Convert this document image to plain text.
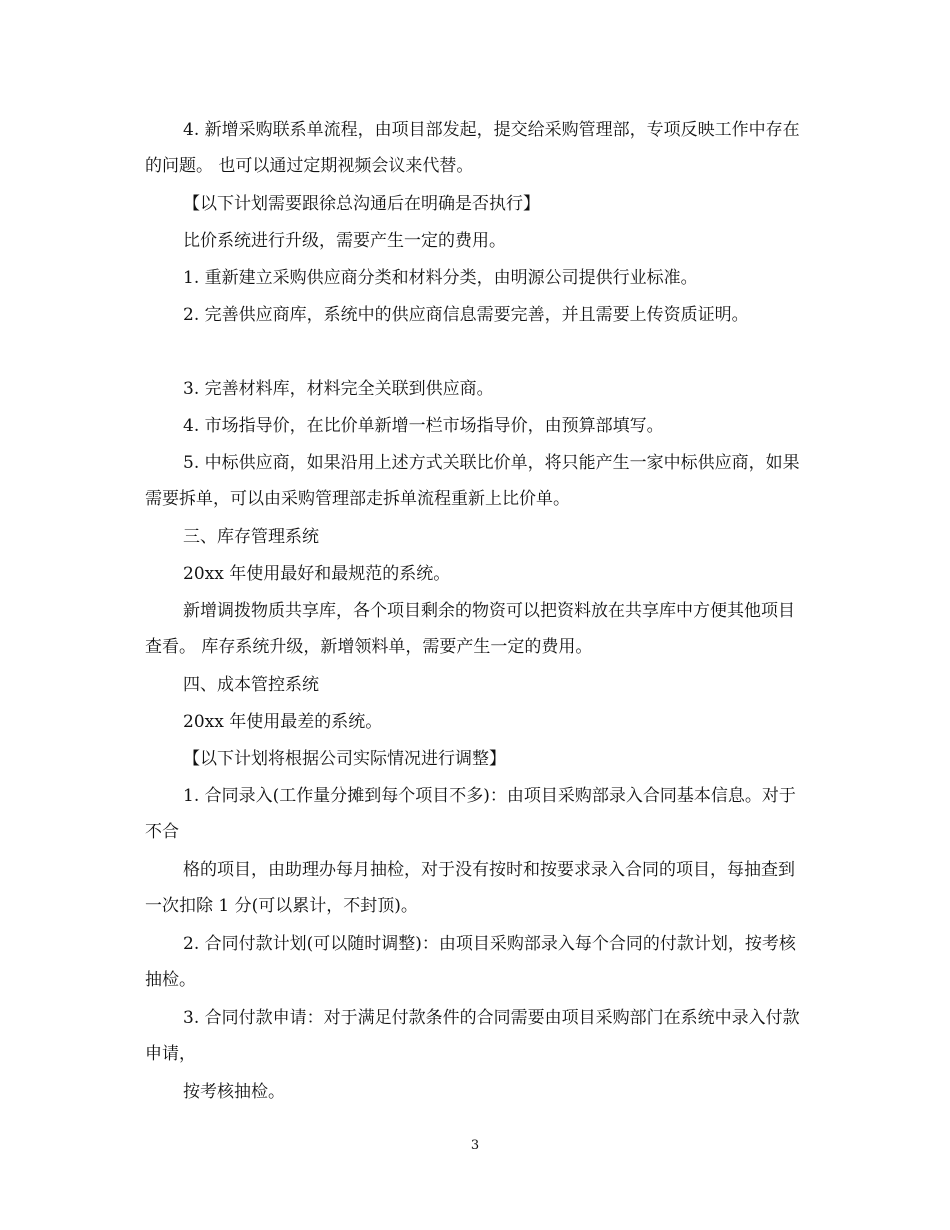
4. 新增采购联系单流程，由项目部发起，提交给采购管理部，专项反映工作中存在的问题。 也可以通过定期视频会议来代替。

【以下计划需要跟徐总沟通后在明确是否执行】

比价系统进行升级，需要产生一定的费用。

1. 重新建立采购供应商分类和材料分类，由明源公司提供行业标准。

2. 完善供应商库，系统中的供应商信息需要完善，并且需要上传资质证明。

3. 完善材料库，材料完全关联到供应商。

4. 市场指导价，在比价单新增一栏市场指导价，由预算部填写。

5. 中标供应商，如果沿用上述方式关联比价单，将只能产生一家中标供应商，如果需要拆单，可以由采购管理部走拆单流程重新上比价单。

三、库存管理系统

20xx 年使用最好和最规范的系统。

新增调拨物质共享库，各个项目剩余的物资可以把资料放在共享库中方便其他项目查看。 库存系统升级，新增领料单，需要产生一定的费用。

四、成本管控系统

20xx 年使用最差的系统。

【以下计划将根据公司实际情况进行调整】

1. 合同录入(工作量分摊到每个项目不多)：由项目采购部录入合同基本信息。对于不合

格的项目，由助理办每月抽检，对于没有按时和按要求录入合同的项目，每抽查到一次扣除 1 分(可以累计，不封顶)。

2. 合同付款计划(可以随时调整)：由项目采购部录入每个合同的付款计划，按考核抽检。

3. 合同付款申请：对于满足付款条件的合同需要由项目采购部门在系统中录入付款申请，

按考核抽检。

3
